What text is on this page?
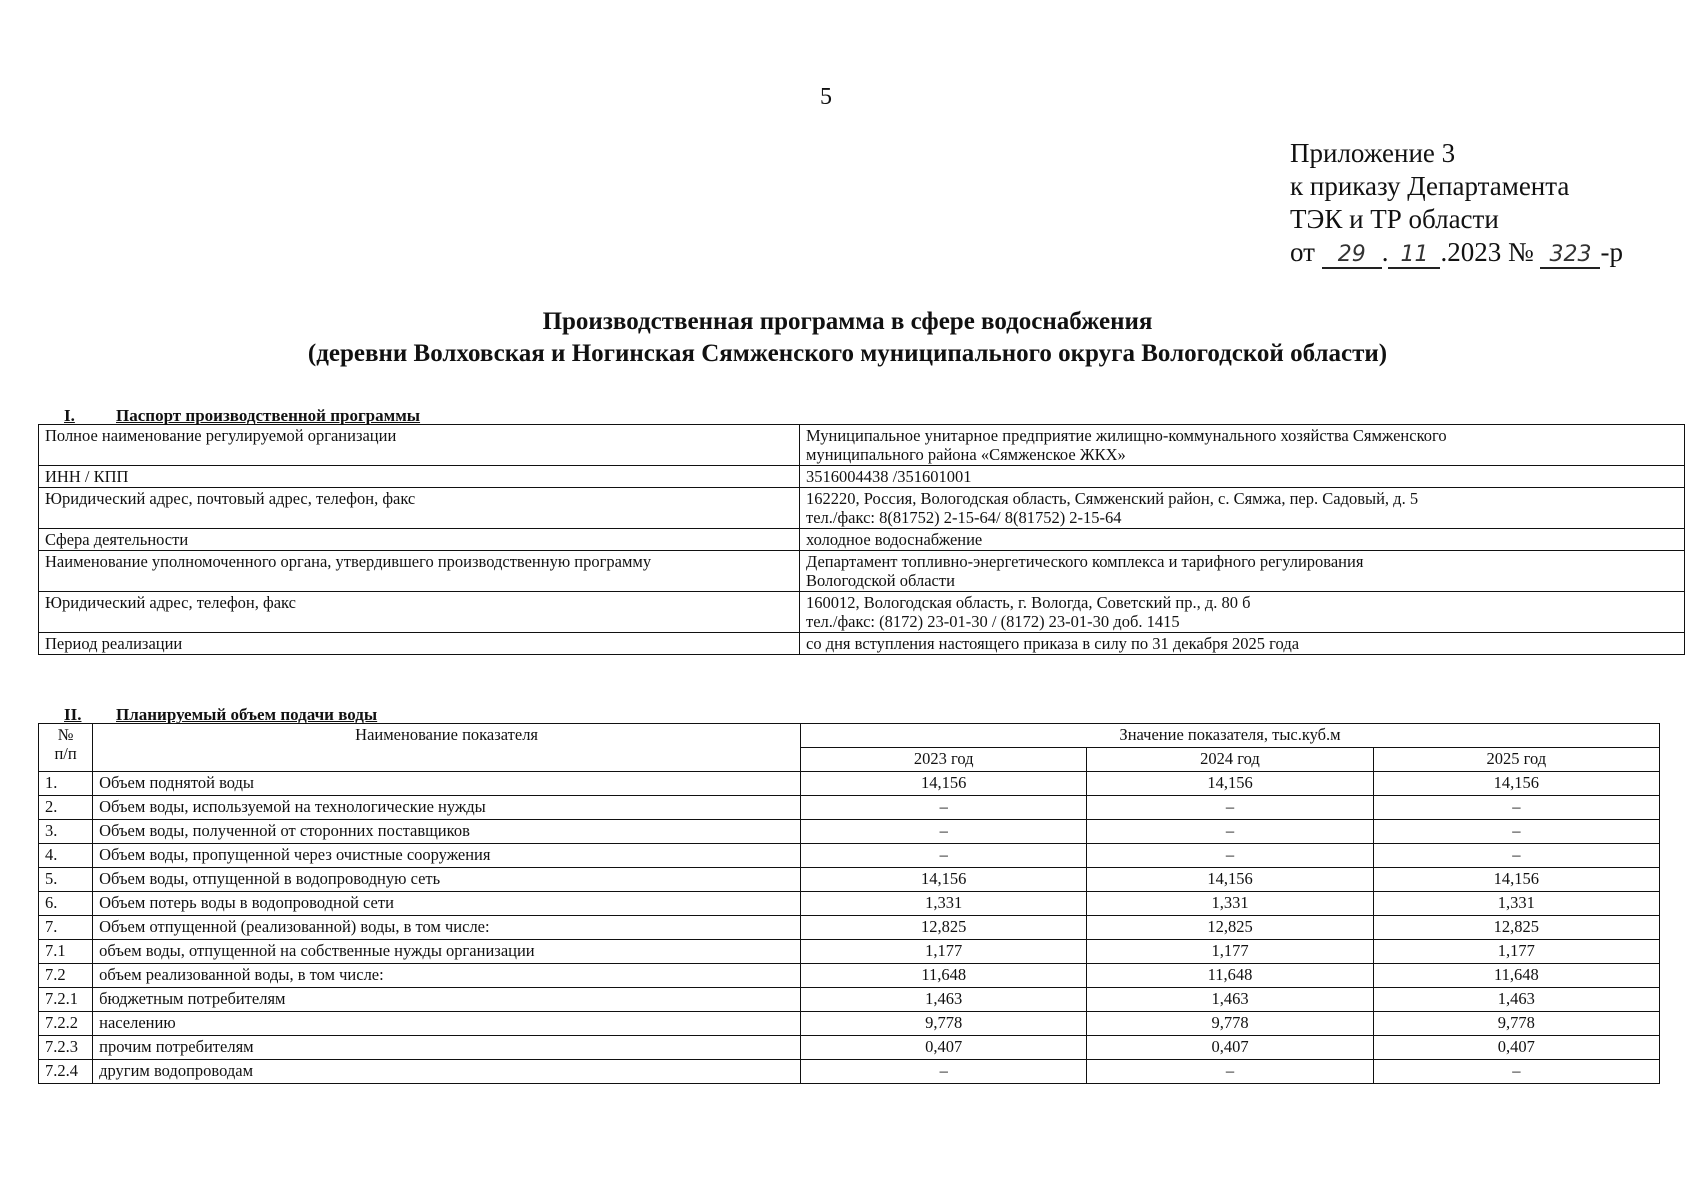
5
Приложение 3
к приказу Департамента
ТЭК и ТР области
от 29 . 11 .2023 № 323 -р
Производственная программа в сфере водоснабжения
(деревни Волховская и Ногинская Сямженского муниципального округа Вологодской области)
I. Паспорт производственной программы
Полное наименование регулируемой организации	Муниципальное унитарное предприятие жилищно-коммунального хозяйства Сямженского
муниципального района «Сямженское ЖКХ»

ИНН / КПП	3516004438 /351601001

Юридический адрес, почтовый адрес, телефон, факс	162220, Россия, Вологодская область, Сямженский район, с. Сямжа, пер. Садовый, д. 5
тел./факс: 8(81752) 2-15-64/ 8(81752) 2-15-64

Сфера деятельности	холодное водоснабжение

Наименование уполномоченного органа, утвердившего производственную программу	Департамент топливно-энергетического комплекса и тарифного регулирования
Вологодской области

Юридический адрес, телефон, факс	160012, Вологодская область, г. Вологда, Советский пр., д. 80 б
тел./факс: (8172) 23-01-30 / (8172) 23-01-30 доб. 1415

Период реализации	со дня вступления настоящего приказа в силу по 31 декабря 2025 года
II. Планируемый объем подачи воды
№
п/п	Наименование показателя	Значение показателя, тыс.куб.м		
		2023 год	2024 год	2025 год
1.	Объем поднятой воды	14,156	14,156	14,156
2.	Объем воды, используемой на технологические нужды	–	–	–
3.	Объем воды, полученной от сторонних поставщиков	–	–	–
4.	Объем воды, пропущенной через очистные сооружения	–	–	–
5.	Объем воды, отпущенной в водопроводную сеть	14,156	14,156	14,156
6.	Объем потерь воды в водопроводной сети	1,331	1,331	1,331
7.	Объем отпущенной (реализованной) воды, в том числе:	12,825	12,825	12,825
7.1	объем воды, отпущенной на собственные нужды организации	1,177	1,177	1,177
7.2	объем реализованной воды, в том числе:	11,648	11,648	11,648
7.2.1	бюджетным потребителям	1,463	1,463	1,463
7.2.2	населению	9,778	9,778	9,778
7.2.3	прочим потребителям	0,407	0,407	0,407
7.2.4	другим водопроводам	–	–	–
